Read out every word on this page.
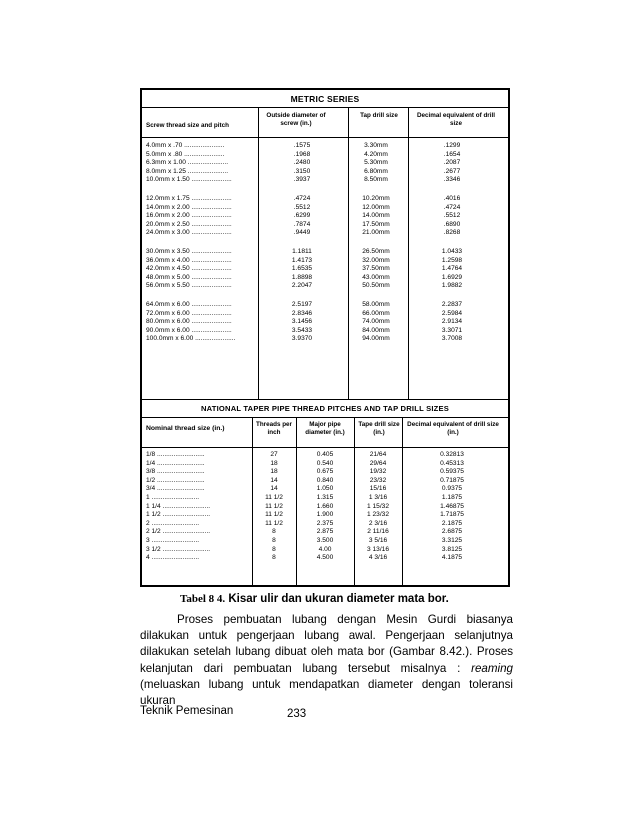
METRIC SERIES
Screw thread size and pitch
Outside diameter of screw (in.)
Tap drill size	Decimal equivalent of drill size
4.0mm x .70 ......................	.1575	3.30mm	.1299
5.0mm x .80 ......................	.1968	4.20mm	.1654
6.3mm x 1.00 ......................	.2480	5.30mm	.2087
8.0mm x 1.25 ......................	.3150	6.80mm	.2677
10.0mm x 1.50 ......................	.3937	8.50mm	.3346
12.0mm x 1.75 ......................	.4724	10.20mm	.4016
14.0mm x 2.00 ......................	.5512	12.00mm	.4724
16.0mm x 2.00 ......................	.6299	14.00mm	.5512
20.0mm x 2.50 ......................	.7874	17.50mm	.6890
24.0mm x 3.00 ......................	.9449	21.00mm	.8268
30.0mm x 3.50 ......................	1.1811	26.50mm	1.0433
36.0mm x 4.00 ......................	1.4173	32.00mm	1.2598
42.0mm x 4.50 ......................	1.6535	37.50mm	1.4764
48.0mm x 5.00 ......................	1.8898	43.00mm	1.6929
56.0mm x 5.50 ......................	2.2047	50.50mm	1.9882
64.0mm x 6.00 ......................	2.5197	58.00mm	2.2837
72.0mm x 6.00 ......................	2.8346	66.00mm	2.5984
80.0mm x 6.00 ......................	3.1456	74.00mm	2.9134
90.0mm x 6.00 ......................	3.5433	84.00mm	3.3071
100.0mm x 6.00 ......................	3.9370	94.00mm	3.7008
NATIONAL TAPER PIPE THREAD PITCHES AND TAP DRILL SIZES
Nominal thread size (in.)
Threads per inch
Major pipe diameter (in.)
Tape drill size (in.)
Decimal equivalent of drill size (in.)
1/8 ..........................	27	0.405	21/64	0.32813
1/4 ..........................	18	0.540	29/64	0.45313
3/8 ..........................	18	0.675	19/32	0.59375
1/2 ..........................	14	0.840	23/32	0.71875
3/4 ..........................	14	1.050	15/16	0.9375
1 ..........................	11 1/2	1.315	1 3/16	1.1875
1 1/4 ..........................	11 1/2	1.660	1 15/32	1.46875
1 1/2 ..........................	11 1/2	1.900	1 23/32	1.71875
2 ..........................	11 1/2	2.375	2 3/16	2.1875
2 1/2 ..........................	8	2.875	2 11/16	2.6875
3 ..........................	8	3.500	3 5/16	3.3125
3 1/2 ..........................	8	4.00	3 13/16	3.8125
4 ..........................	8	4.500	4 3/16	4.1875
Tabel 8 4. Kisar ulir dan ukuran diameter mata bor.

Proses pembuatan lubang dengan Mesin Gurdi biasanya dilakukan untuk pengerjaan lubang awal. Pengerjaan selanjutnya dilakukan setelah lubang dibuat oleh mata bor (Gambar 8.42.). Proses kelanjutan dari pembuatan lubang tersebut misalnya : reaming (meluaskan lubang untuk mendapatkan diameter dengan toleransi ukuran

Teknik Pemesinan	233
